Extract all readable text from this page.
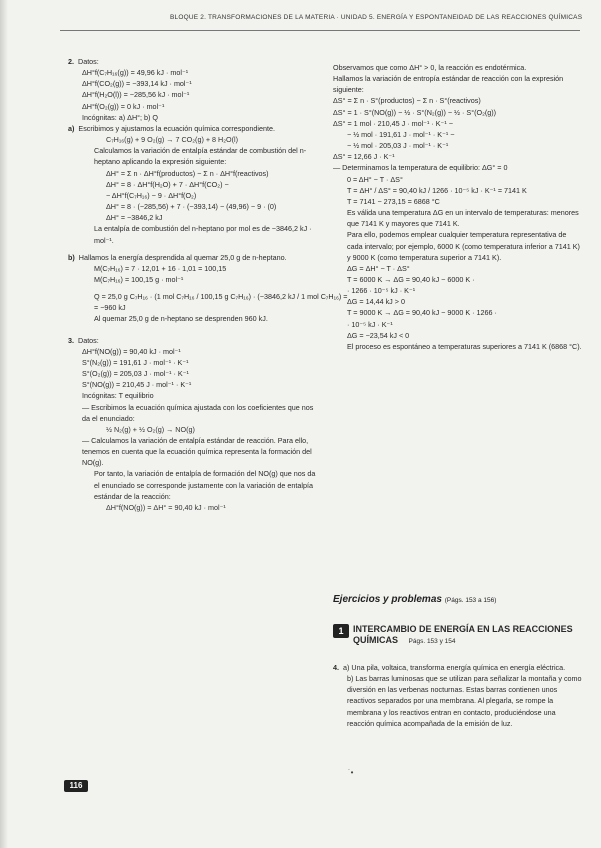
BLOQUE 2. TRANSFORMACIONES DE LA MATERIA · UNIDAD 5. ENERGÍA Y ESPONTANEIDAD DE LAS REACCIONES QUÍMICAS
2. Datos:
ΔH°f(C₇H₁₆(g)) = 49,96 kJ · mol⁻¹
ΔH°f(CO₂(g)) = −393,14 kJ · mol⁻¹
ΔH°f(H₂O(l)) = −285,56 kJ · mol⁻¹
ΔH°f(O₂(g)) = 0 kJ · mol⁻¹
Incógnitas: a) ΔH°; b) Q
a) Escribimos y ajustamos la ecuación química correspondiente.
C₇H₁₆(g) + 9 O₂(g) → 7 CO₂(g) + 8 H₂O(l)
Calculamos la variación de entalpía estándar de combustión del n-heptano aplicando la expresión siguiente:
ΔH° = Σ n · ΔH°f(productos) − Σ n · ΔH°f(reactivos)
ΔH° = 8 · ΔH°f(H₂O) + 7 · ΔH°f(CO₂) −
− ΔH°f(C₇H₁₆) − 9 · ΔH°f(O₂)
ΔH° = 8 · (−285,56) + 7 · (−393,14) − (49,96) − 9 · (0)
ΔH° = −3846,2 kJ
La entalpía de combustión del n-heptano por mol es de −3846,2 kJ · mol⁻¹.
b) Hallamos la energía desprendida al quemar 25,0 g de n-heptano.
M(C₇H₁₆) = 7 · 12,01 + 16 · 1,01 = 100,15
M(C₇H₁₆) = 100,15 g · mol⁻¹
Q = 25,0 g C₇H₁₆ · (1 mol C₇H₁₆ / 100,15 g C₇H₁₆) · (−3846,2 kJ / 1 mol C₇H₁₆) =
= −960 kJ
Al quemar 25,0 g de n-heptano se desprenden 960 kJ.
3. Datos:
ΔH°f(NO(g)) = 90,40 kJ · mol⁻¹
S°(N₂(g)) = 191,61 J · mol⁻¹ · K⁻¹
S°(O₂(g)) = 205,03 J · mol⁻¹ · K⁻¹
S°(NO(g)) = 210,45 J · mol⁻¹ · K⁻¹
Incógnitas: T equilibrio
— Escribimos la ecuación química ajustada con los coeficientes que nos da el enunciado:
½ N₂(g) + ½ O₂(g) → NO(g)
— Calculamos la variación de entalpía estándar de reacción. Para ello, tenemos en cuenta que la ecuación química representa la formación del NO(g).
Por tanto, la variación de entalpía de formación del NO(g) que nos da el enunciado se corresponde justamente con la variación de entalpía estándar de la reacción:
ΔH°f(NO(g)) = ΔH° = 90,40 kJ · mol⁻¹
Observamos que como ΔH° > 0, la reacción es endotérmica.
Hallamos la variación de entropía estándar de reacción con la expresión siguiente:
ΔS° = Σ n · S°(productos) − Σ n · S°(reactivos)
ΔS° = 1 · S°(NO(g)) − ½ · S°(N₂(g)) − ½ · S°(O₂(g))
ΔS° = 1 mol · 210,45 J · mol⁻¹ · K⁻¹ −
− ½ mol · 191,61 J · mol⁻¹ · K⁻¹ −
− ½ mol · 205,03 J · mol⁻¹ · K⁻¹
ΔS° = 12,66 J · K⁻¹
— Determinamos la temperatura de equilibrio: ΔG° = 0
0 = ΔH° − T · ΔS°
T = ΔH° / ΔS° = 90,40 kJ / 1266 · 10⁻⁵ kJ · K⁻¹ = 7141 K
T = 7141 − 273,15 = 6868 °C
Es válida una temperatura ΔG en un intervalo de temperaturas: menores que 7141 K y mayores que 7141 K.
Para ello, podemos emplear cualquier temperatura representativa de cada intervalo; por ejemplo, 6000 K (como temperatura inferior a 7141 K) y 9000 K (como temperatura superior a 7141 K).
ΔG = ΔH° − T · ΔS°
T = 6000 K → ΔG = 90,40 kJ − 6000 K ·
· 1266 · 10⁻⁵ kJ · K⁻¹
ΔG = 14,44 kJ > 0
T = 9000 K → ΔG = 90,40 kJ − 9000 K · 1266 ·
· 10⁻⁵ kJ · K⁻¹
ΔG = −23,54 kJ < 0
El proceso es espontáneo a temperaturas superiores a 7141 K (6868 °C).
Ejercicios y problemas (Págs. 153 a 156)
1	INTERCAMBIO DE ENERGÍA EN LAS REACCIONES QUÍMICAS Págs. 153 y 154
4. a) Una pila, voltaica, transforma energía química en energía eléctrica.
b) Las barras luminosas que se utilizan para señalizar la montaña y como diversión en las verbenas nocturnas. Estas barras contienen unos reactivos separados por una membrana. Al plegarla, se rompe la membrana y los reactivos entran en contacto, produciéndose una reacción química acompañada de la emisión de luz.
˙•
116
